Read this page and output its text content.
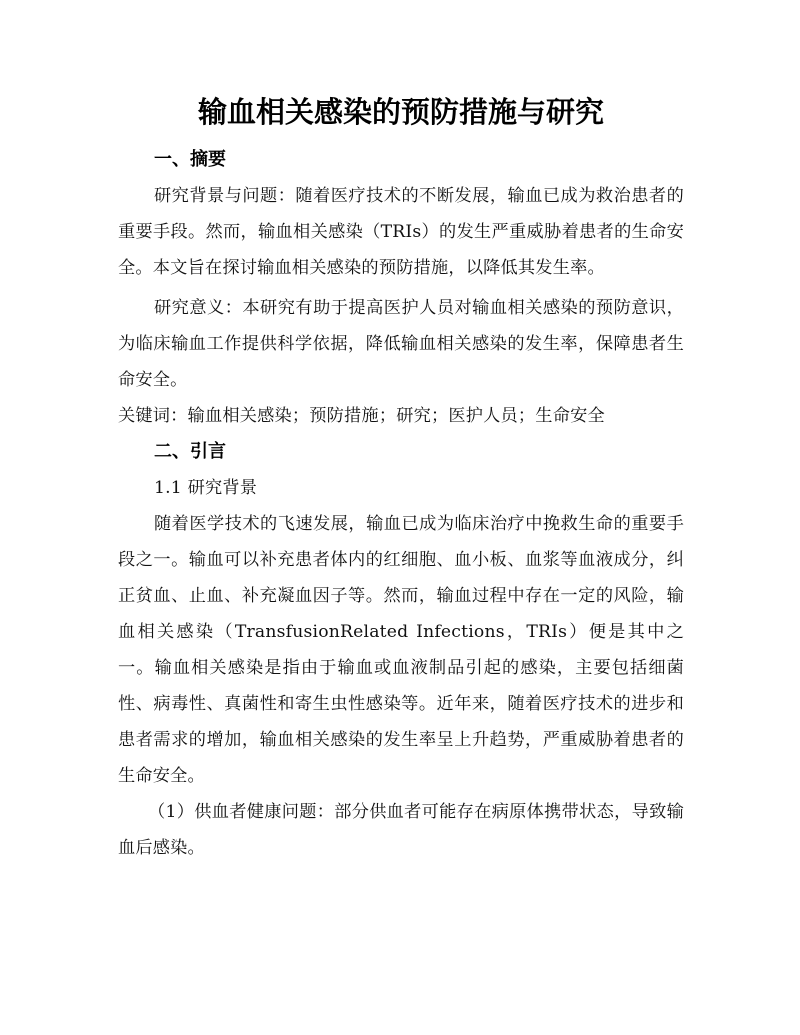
输血相关感染的预防措施与研究
一、摘要

研究背景与问题：随着医疗技术的不断发展，输血已成为救治患者的重要手段。然而，输血相关感染（TRIs）的发生严重威胁着患者的生命安全。本文旨在探讨输血相关感染的预防措施，以降低其发生率。

研究意义：本研究有助于提高医护人员对输血相关感染的预防意识，为临床输血工作提供科学依据，降低输血相关感染的发生率，保障患者生命安全。

关键词：输血相关感染；预防措施；研究；医护人员；生命安全

二、引言

1.1 研究背景

随着医学技术的飞速发展，输血已成为临床治疗中挽救生命的重要手段之一。输血可以补充患者体内的红细胞、血小板、血浆等血液成分，纠正贫血、止血、补充凝血因子等。然而，输血过程中存在一定的风险，输血相关感染（TransfusionRelated Infections，TRIs）便是其中之一。输血相关感染是指由于输血或血液制品引起的感染，主要包括细菌性、病毒性、真菌性和寄生虫性感染等。近年来，随着医疗技术的进步和患者需求的增加，输血相关感染的发生率呈上升趋势，严重威胁着患者的生命安全。

（1）供血者健康问题：部分供血者可能存在病原体携带状态，导致输血后感染。
